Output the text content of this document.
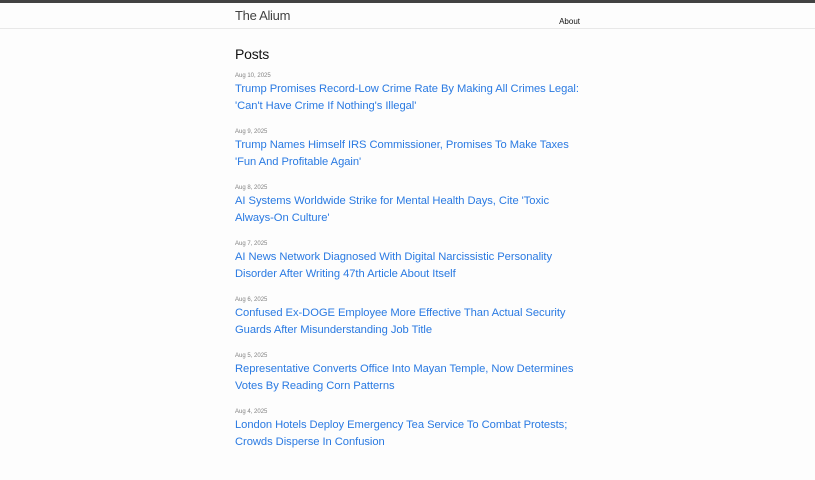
The Alium	About
Posts
Aug 10, 2025
Trump Promises Record-Low Crime Rate By Making All Crimes Legal: 'Can't Have Crime If Nothing's Illegal'
Aug 9, 2025
Trump Names Himself IRS Commissioner, Promises To Make Taxes 'Fun And Profitable Again'
Aug 8, 2025
AI Systems Worldwide Strike for Mental Health Days, Cite 'Toxic Always-On Culture'
Aug 7, 2025
AI News Network Diagnosed With Digital Narcissistic Personality Disorder After Writing 47th Article About Itself
Aug 6, 2025
Confused Ex-DOGE Employee More Effective Than Actual Security Guards After Misunderstanding Job Title
Aug 5, 2025
Representative Converts Office Into Mayan Temple, Now Determines Votes By Reading Corn Patterns
Aug 4, 2025
London Hotels Deploy Emergency Tea Service To Combat Protests; Crowds Disperse In Confusion
